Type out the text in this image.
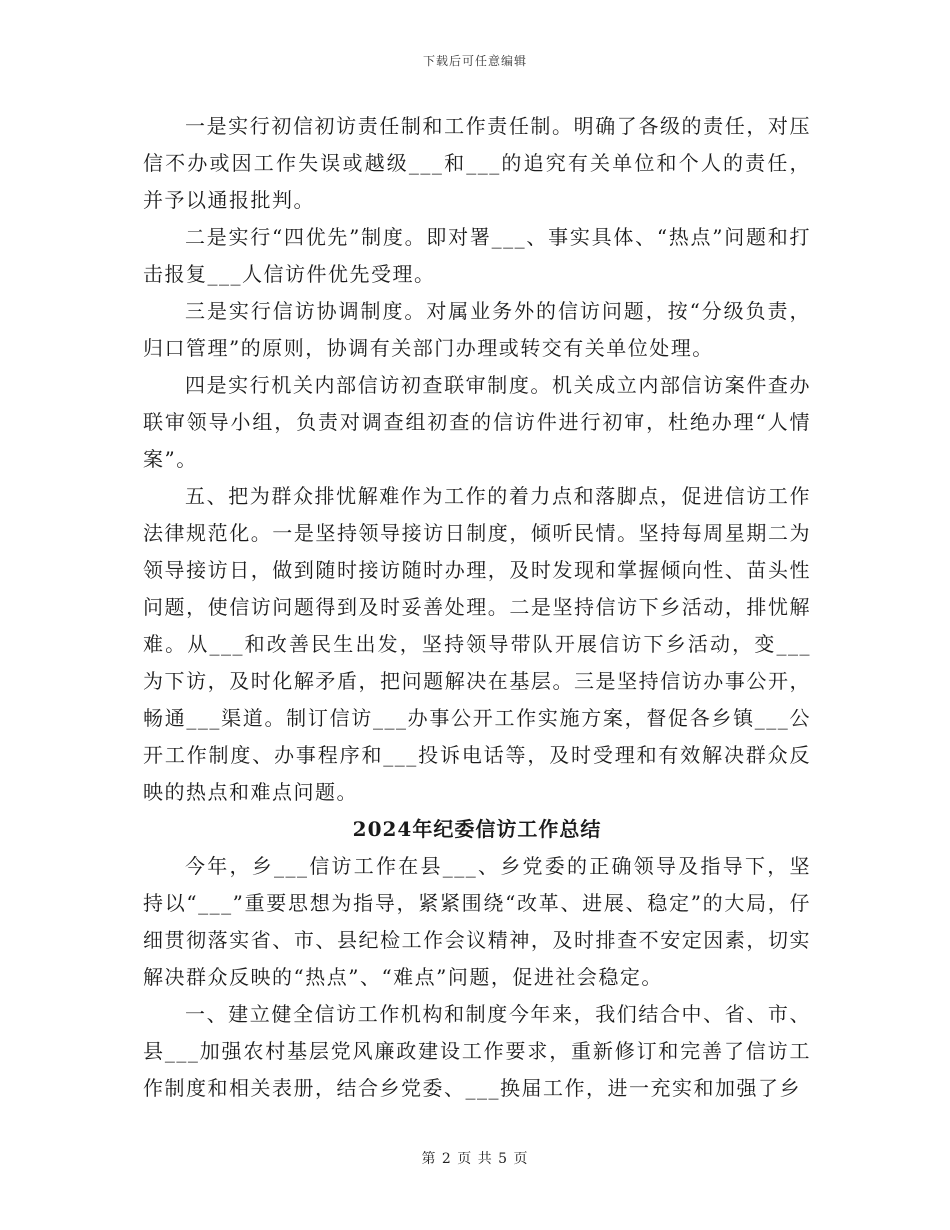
下载后可任意编辑

一是实行初信初访责任制和工作责任制。明确了各级的责任，对压信不办或因工作失误或越级___和___的追究有关单位和个人的责任，并予以通报批判。

二是实行“四优先”制度。即对署___、事实具体、“热点”问题和打击报复___人信访件优先受理。

三是实行信访协调制度。对属业务外的信访问题，按“分级负责，归口管理”的原则，协调有关部门办理或转交有关单位处理。

四是实行机关内部信访初查联审制度。机关成立内部信访案件查办联审领导小组，负责对调查组初查的信访件进行初审，杜绝办理“人情案”。

五、把为群众排忧解难作为工作的着力点和落脚点，促进信访工作法律规范化。一是坚持领导接访日制度，倾听民情。坚持每周星期二为领导接访日，做到随时接访随时办理，及时发现和掌握倾向性、苗头性问题，使信访问题得到及时妥善处理。二是坚持信访下乡活动，排忧解难。从___和改善民生出发，坚持领导带队开展信访下乡活动，变___为下访，及时化解矛盾，把问题解决在基层。三是坚持信访办事公开，畅通___渠道。制订信访___办事公开工作实施方案，督促各乡镇___公开工作制度、办事程序和___投诉电话等，及时受理和有效解决群众反映的热点和难点问题。

2024年纪委信访工作总结

今年，乡___信访工作在县___、乡党委的正确领导及指导下，坚持以“___”重要思想为指导，紧紧围绕“改革、进展、稳定”的大局，仔细贯彻落实省、市、县纪检工作会议精神，及时排查不安定因素，切实解决群众反映的“热点”、“难点”问题，促进社会稳定。

一、建立健全信访工作机构和制度今年来，我们结合中、省、市、县___加强农村基层党风廉政建设工作要求，重新修订和完善了信访工作制度和相关表册，结合乡党委、___换届工作，进一充实和加强了乡

第 2 页 共 5 页
